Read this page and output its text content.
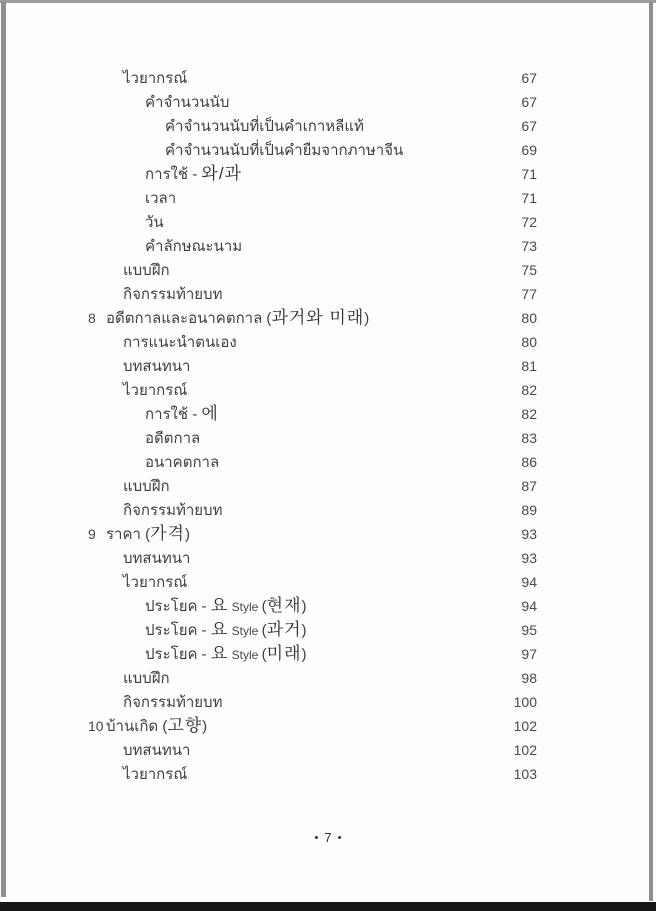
ไวยากรณ์	67
คำจำนวนนับ	67
คำจำนวนนับที่เป็นคำเกาหลีแท้	67
คำจำนวนนับที่เป็นคำยืมจากภาษาจีน	69
การใช้ - 와/과	71
เวลา	71
วัน	72
คำลักษณะนาม	73
แบบฝึก	75
กิจกรรมท้ายบท	77
8 อดีตกาลและอนาคตกาล (과거와 미래)	80
การแนะนำตนเอง	80
บทสนทนา	81
ไวยากรณ์	82
การใช้ - 에	82
อดีตกาล	83
อนาคตกาล	86
แบบฝึก	87
กิจกรรมท้ายบท	89
9 ราคา (가격)	93
บทสนทนา	93
ไวยากรณ์	94
ประโยค - 요 Style (현재)	94
ประโยค - 요 Style (과거)	95
ประโยค - 요 Style (미래)	97
แบบฝึก	98
กิจกรรมท้ายบท	100
10 บ้านเกิด (고향)	102
บทสนทนา	102
ไวยากรณ์	103
• 7 •
